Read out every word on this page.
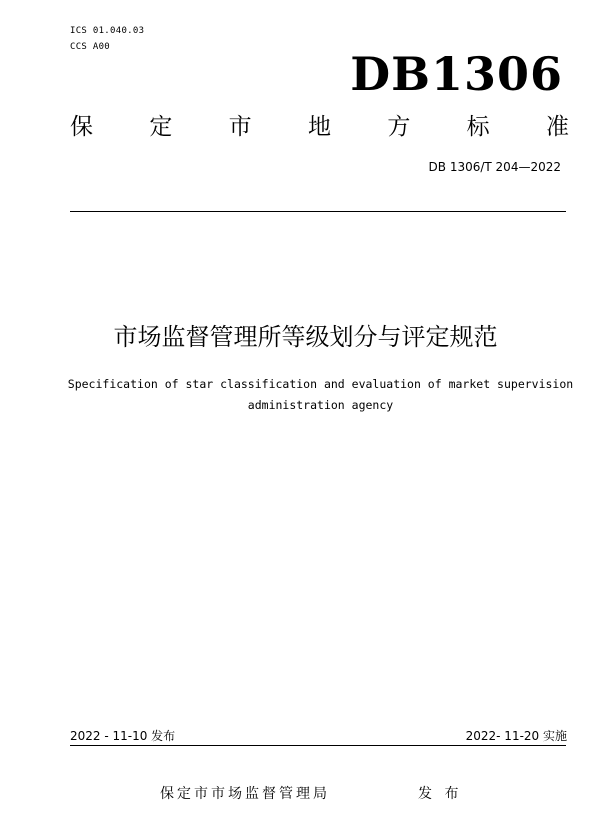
ICS 01.040.03
CCS A00	DB1306
保 定 市 地 方 标 准
DB 1306/T 204—2022
市场监督管理所等级划分与评定规范
Specification of star classification and evaluation of market supervision administration agency
2022 - 11-10 发布	2022- 11-20 实施
保定市市场监督管理局	发 布
